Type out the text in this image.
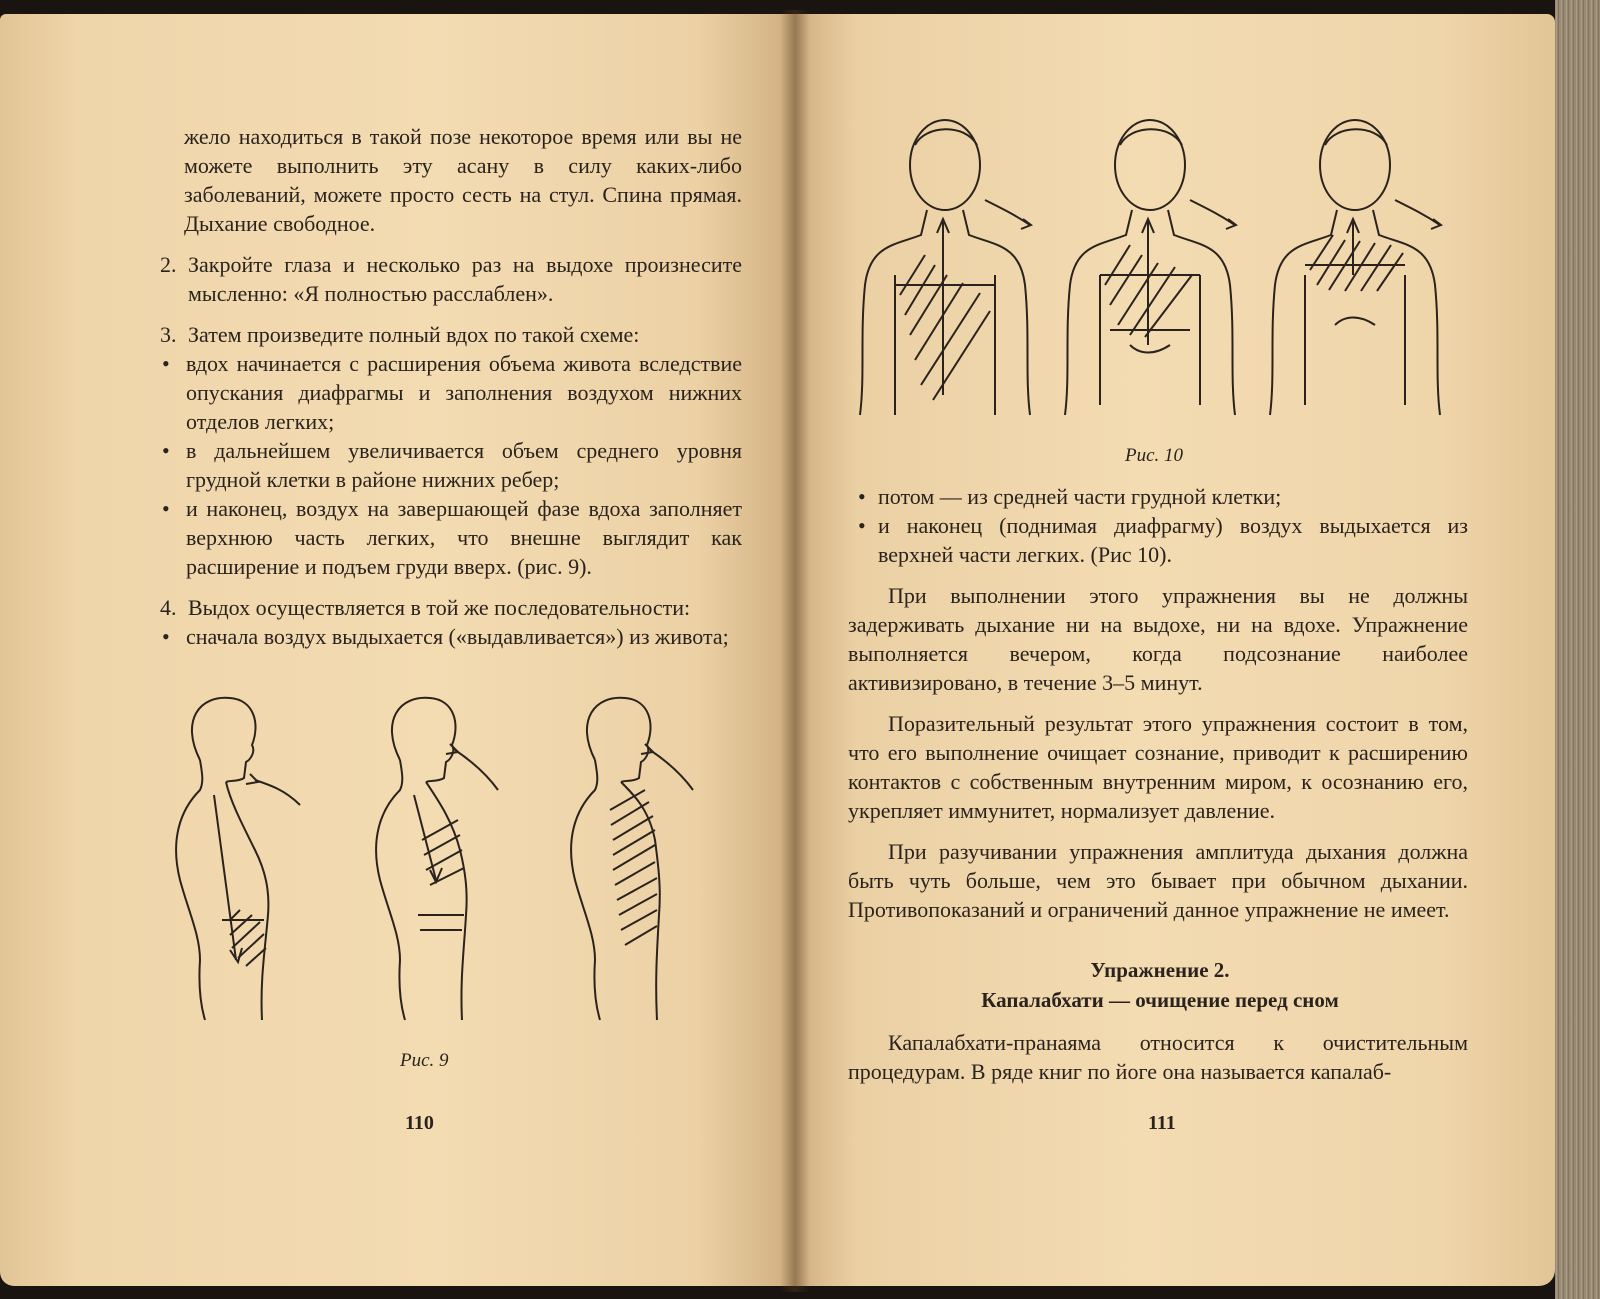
жело находиться в такой позе некоторое время или вы не можете выполнить эту асану в силу каких-либо заболеваний, можете просто сесть на стул. Спина прямая. Дыхание свободное.

2. Закройте глаза и несколько раз на выдохе произнесите мысленно: «Я полностью расслаблен».

3. Затем произведите полный вдох по такой схеме:

• вдох начинается с расширения объема живота вследствие опускания диафрагмы и заполнения воздухом нижних отделов легких;

• в дальнейшем увеличивается объем среднего уровня грудной клетки в районе нижних ребер;

• и наконец, воздух на завершающей фазе вдоха заполняет верхнюю часть легких, что внешне выглядит как расширение и подъем груди вверх. (рис. 9).

4. Выдох осуществляется в той же последовательности:

• сначала воздух выдыхается («выдавливается») из живота;

Рис. 9
110
Рис. 10

• потом — из средней части грудной клетки;

• и наконец (поднимая диафрагму) воздух выдыхается из верхней части легких. (Рис 10).

При выполнении этого упражнения вы не должны задерживать дыхание ни на выдохе, ни на вдохе. Упражнение выполняется вечером, когда подсознание наиболее активизировано, в течение 3–5 минут.

Поразительный результат этого упражнения состоит в том, что его выполнение очищает сознание, приводит к расширению контактов с собственным внутренним миром, к осознанию его, укрепляет иммунитет, нормализует давление.

При разучивании упражнения амплитуда дыхания должна быть чуть больше, чем это бывает при обычном дыхании. Противопоказаний и ограничений данное упражнение не имеет.

Упражнение 2.
Капалабхати — очищение перед сном

Капалабхати-пранаяма относится к очистительным процедурам. В ряде книг по йоге она называется капалаб-

111
